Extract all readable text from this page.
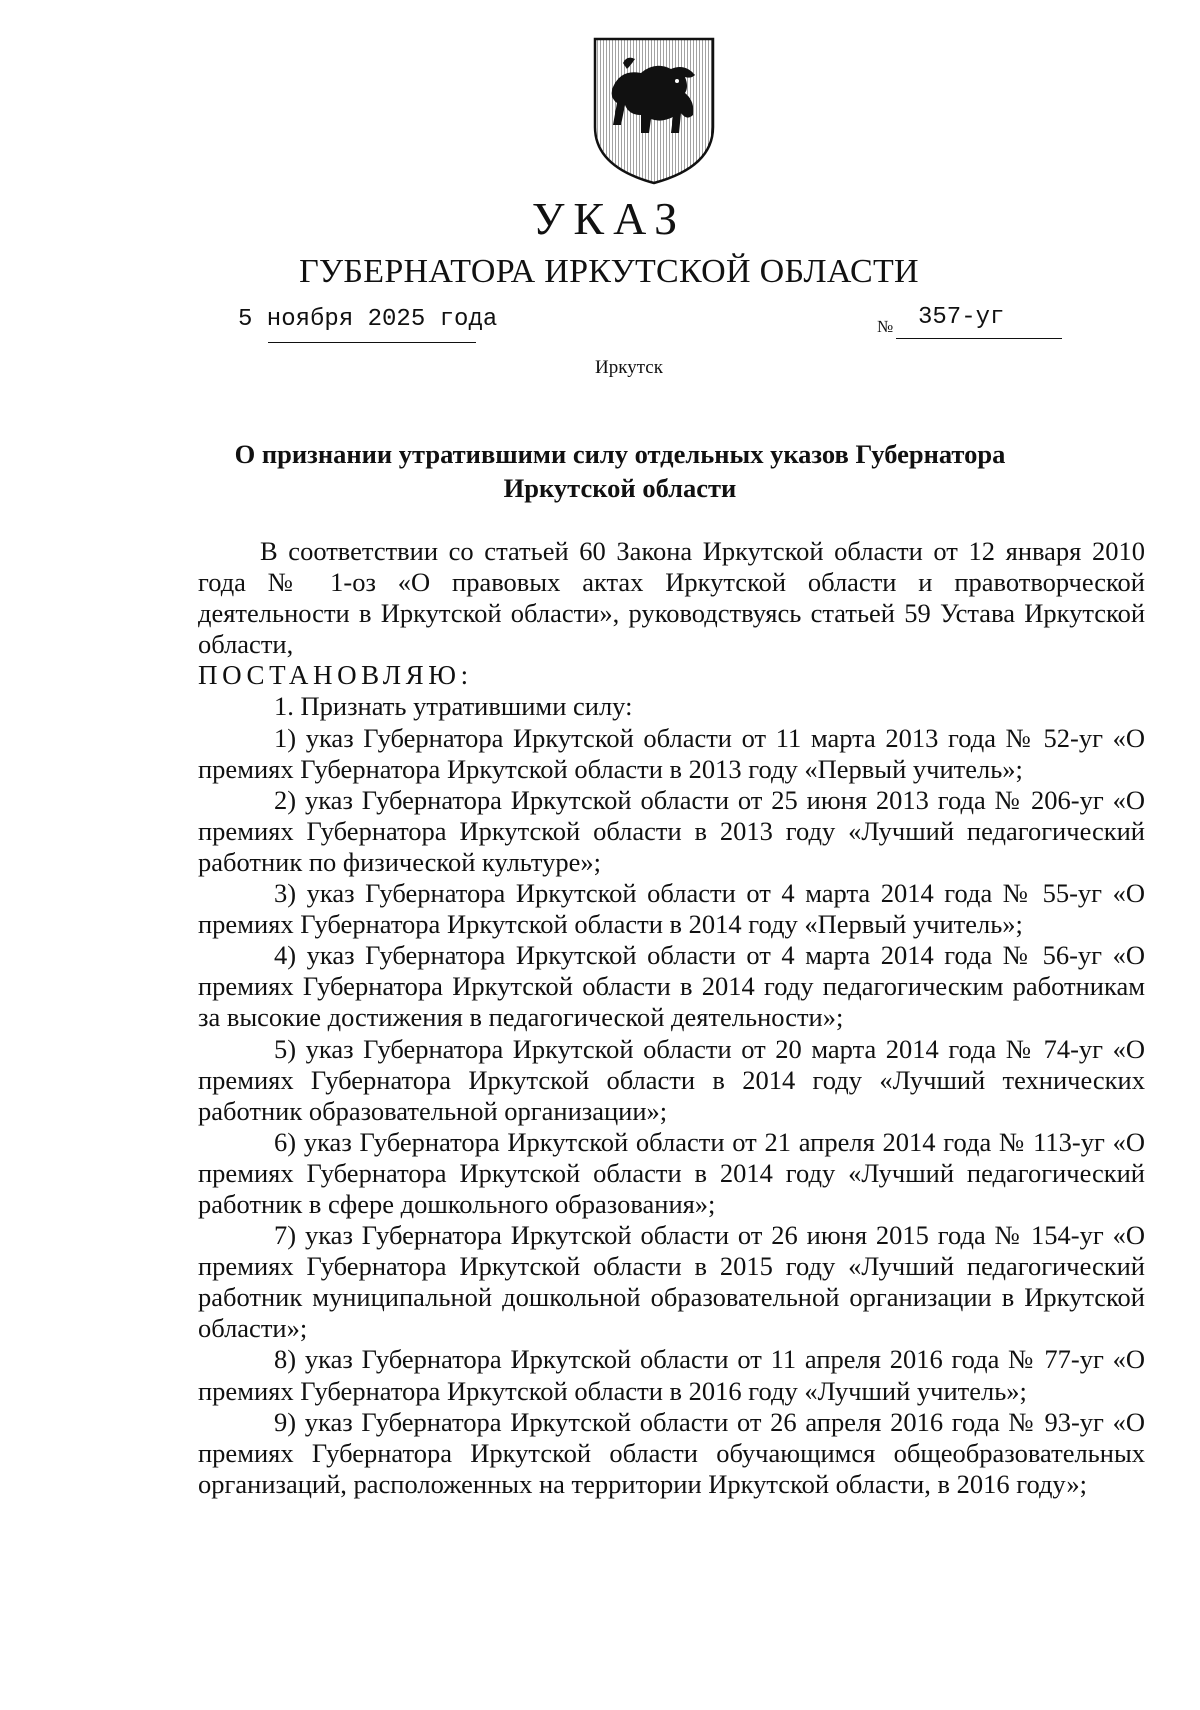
УКАЗ
ГУБЕРНАТОРА ИРКУТСКОЙ ОБЛАСТИ
5 ноября 2025 года	№ 357-уг
Иркутск
О признании утратившими силу отдельных указов Губернатора Иркутской области

В соответствии со статьей 60 Закона Иркутской области от 12 января 2010 года № 1-оз «О правовых актах Иркутской области и правотворческой деятельности в Иркутской области», руководствуясь статьей 59 Устава Иркутской области,

ПОСТАНОВЛЯЮ:

1. Признать утратившими силу:

1) указ Губернатора Иркутской области от 11 марта 2013 года № 52-уг «О премиях Губернатора Иркутской области в 2013 году «Первый учитель»;

2) указ Губернатора Иркутской области от 25 июня 2013 года № 206-уг «О премиях Губернатора Иркутской области в 2013 году «Лучший педагогический работник по физической культуре»;

3) указ Губернатора Иркутской области от 4 марта 2014 года № 55-уг «О премиях Губернатора Иркутской области в 2014 году «Первый учитель»;

4) указ Губернатора Иркутской области от 4 марта 2014 года № 56-уг «О премиях Губернатора Иркутской области в 2014 году педагогическим работникам за высокие достижения в педагогической деятельности»;

5) указ Губернатора Иркутской области от 20 марта 2014 года № 74-уг «О премиях Губернатора Иркутской области в 2014 году «Лучший технических работник образовательной организации»;

6) указ Губернатора Иркутской области от 21 апреля 2014 года № 113-уг «О премиях Губернатора Иркутской области в 2014 году «Лучший педагогический работник в сфере дошкольного образования»;

7) указ Губернатора Иркутской области от 26 июня 2015 года № 154-уг «О премиях Губернатора Иркутской области в 2015 году «Лучший педагогический работник муниципальной дошкольной образовательной организации в Иркутской области»;

8) указ Губернатора Иркутской области от 11 апреля 2016 года № 77-уг «О премиях Губернатора Иркутской области в 2016 году «Лучший учитель»;

9) указ Губернатора Иркутской области от 26 апреля 2016 года № 93-уг «О премиях Губернатора Иркутской области обучающимся общеобразовательных организаций, расположенных на территории Иркутской области, в 2016 году»;
